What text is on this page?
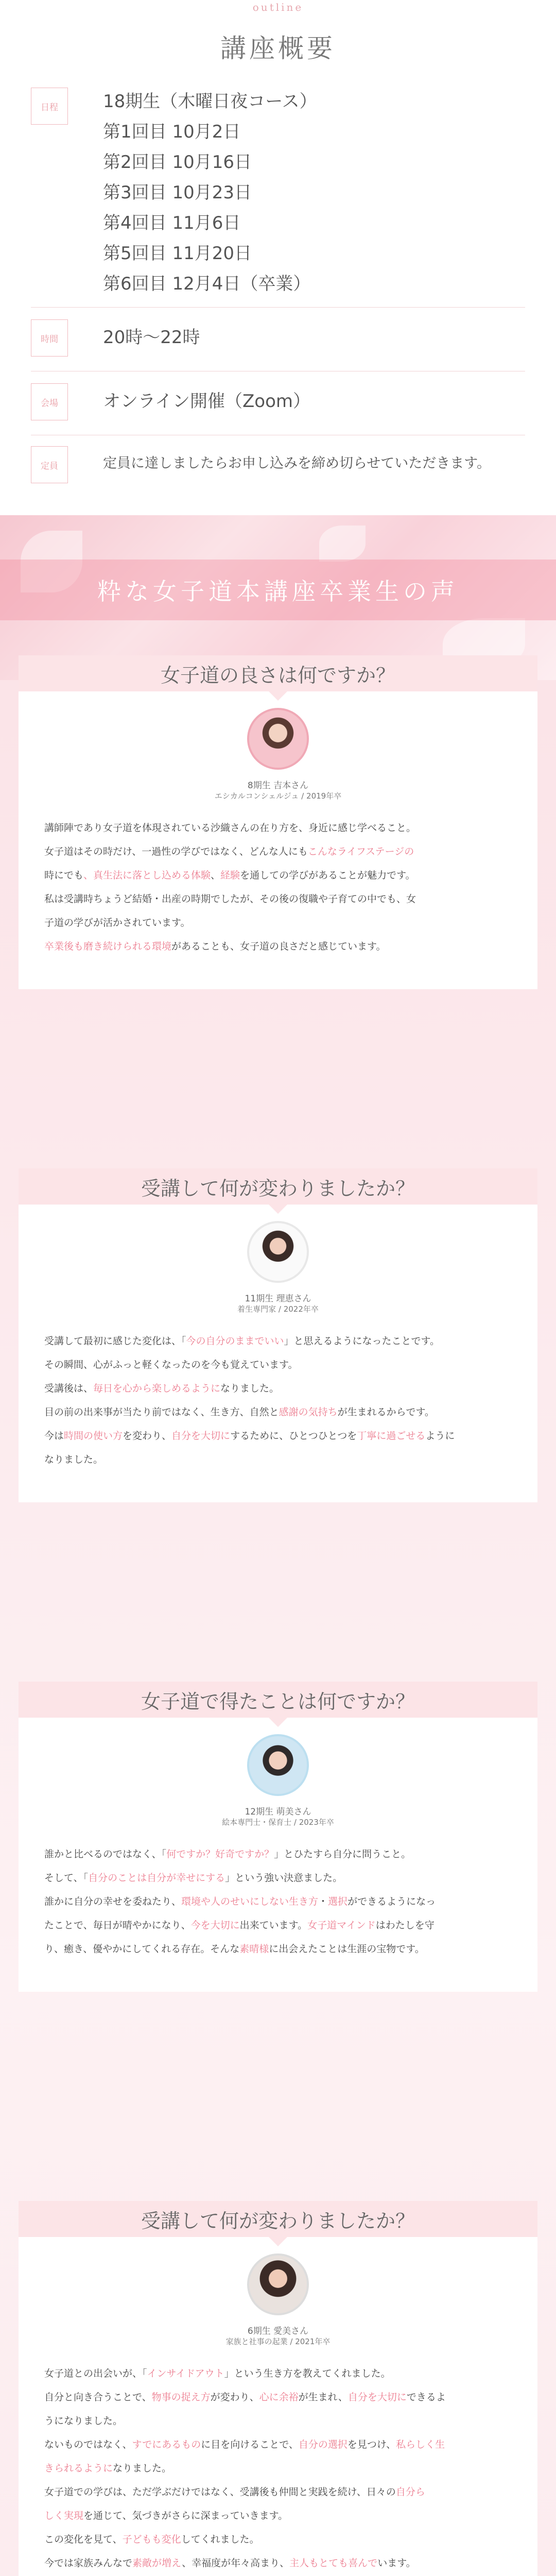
outline
講座概要
日程	18期生（木曜日夜コース）
第1回目 10月2日
第2回目 10月16日
第3回目 10月23日
第4回目 11月6日
第5回目 11月20日
第6回目 12月4日（卒業）
時間	20時〜22時
会場	オンライン開催（Zoom）
定員	定員に達しましたらお申し込みを締め切らせていただきます。
粋な女子道本講座卒業生の声
女子道の良さは何ですか？
8期生 吉本さん
エシカルコンシェルジュ / 2019年卒
講師陣であり女子道を体現されている沙織さんの在り方を、身近に感じ学べること。
女子道はその時だけ、一過性の学びではなく、どんな人にもこんなライフステージの
時にでも、真生法に落とし込める体験、経験を通しての学びがあることが魅力です。
私は受講時ちょうど結婚・出産の時期でしたが、その後の復職や子育ての中でも、女
子道の学びが活かされています。
卒業後も磨き続けられる環境があることも、女子道の良さだと感じています。
受講して何が変わりましたか？
11期生 理恵さん
着生専門家 / 2022年卒
受講して最初に感じた変化は、「今の自分のままでいい」と思えるようになったことです。
その瞬間、心がふっと軽くなったのを今も覚えています。
受講後は、毎日を心から楽しめるようになりました。
目の前の出来事が当たり前ではなく、生き方、自然と感謝の気持ちが生まれるからです。
今は時間の使い方を変わり、自分を大切にするために、ひとつひとつを丁寧に過ごせるように
なりました。
女子道で得たことは何ですか？
12期生 萌美さん
絵本専門士・保育士 / 2023年卒
誰かと比べるのではなく、「何ですか？好奇ですか？」とひたすら自分に問うこと。
そして、「自分のことは自分が幸せにする」という強い決意ました。
誰かに自分の幸せを委ねたり、環境や人のせいにしない生き方・選択ができるようになっ
たことで、毎日が晴やかになり、今を大切に出来ています。女子道マインドはわたしを守
り、癒き、優やかにしてくれる存在。そんな素晴様に出会えたことは生涯の宝物です。
受講して何が変わりましたか？
6期生 愛美さん
家族と社事の起業 / 2021年卒
女子道との出会いが、「インサイドアウト」という生き方を教えてくれました。
自分と向き合うことで、物事の捉え方が変わり、心に余裕が生まれ、自分を大切にできるよ
うになりました。
ないものではなく、すでにあるものに目を向けることで、自分の選択を見つけ、私らしく生
きられるようになりました。
女子道での学びは、ただ学ぶだけではなく、受講後も仲間と実践を続け、日々の自分ら
しく実現を通じて、気づきがさらに深まっていきます。
この変化を見て、子どもも変化してくれました。
今では家族みんなで素敵が増え、幸福度が年々高まり、主人もとても喜んでいます。
